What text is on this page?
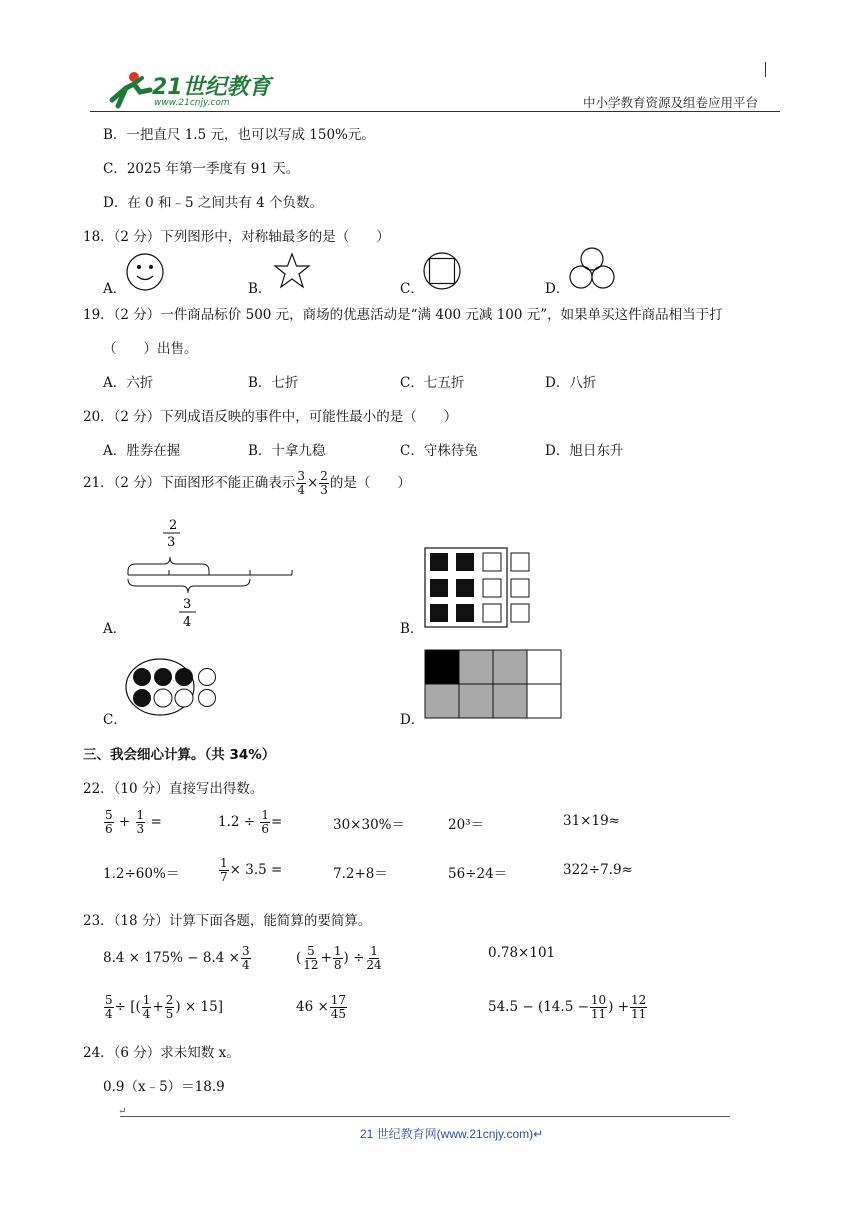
21世纪教育
www.21cnjy.com	中小学教育资源及组卷应用平台
B．一把直尺 1.5 元，也可以写成 150%元。
C．2025 年第一季度有 91 天。
D．在 0 和﹣5 之间共有 4 个负数。
18．（2 分）下列图形中，对称轴最多的是（　　）
A．	B．	C．	D．
19．（2 分）一件商品标价 500 元，商场的优惠活动是“满 400 元减 100 元”，如果单买这件商品相当于打
（　　）出售。
A．六折	B．七折	C．七五折	D．八折
20．（2 分）下列成语反映的事件中，可能性最小的是（　　）
A．胜券在握	B．十拿九稳	C．守株待兔	D．旭日东升
21．（2 分）下面图形不能正确表示 $\frac{3}{4} \times \frac{2}{3}$ 的是（　　）
2
3
3
4
A．	B．
C．	D．
三、我会细心计算。（共 34%）
22．（10 分）直接写出得数。
$\frac{5}{6} + \frac{1}{3}$ =	$1.2 \div \frac{1}{6}$ =	30×30%＝	20³＝	31×19≈
1.2÷60%＝	$\frac{1}{7} \times 3.5$ =	7.2+8＝	56÷24＝	322÷7.9≈
23．（18 分）计算下面各题，能简算的要简算。
$8.4 \times 175\% - 8.4 \times \frac{3}{4}$	( $\frac{5}{12} + \frac{1}{8}$ ) ÷ $\frac{1}{24}$	0.78×101
$\frac{5}{4}$ ÷ [( $\frac{1}{4} + \frac{2}{5}$ ) × 15]	$46 \times \frac{17}{45}$	$54.5 - (14.5 - \frac{10}{11}$ ) + $\frac{12}{11}$
24．（6 分）求未知数 x。
0.9（x﹣5）＝18.9
↵
21 世纪教育网(www.21cnjy.com)↵
